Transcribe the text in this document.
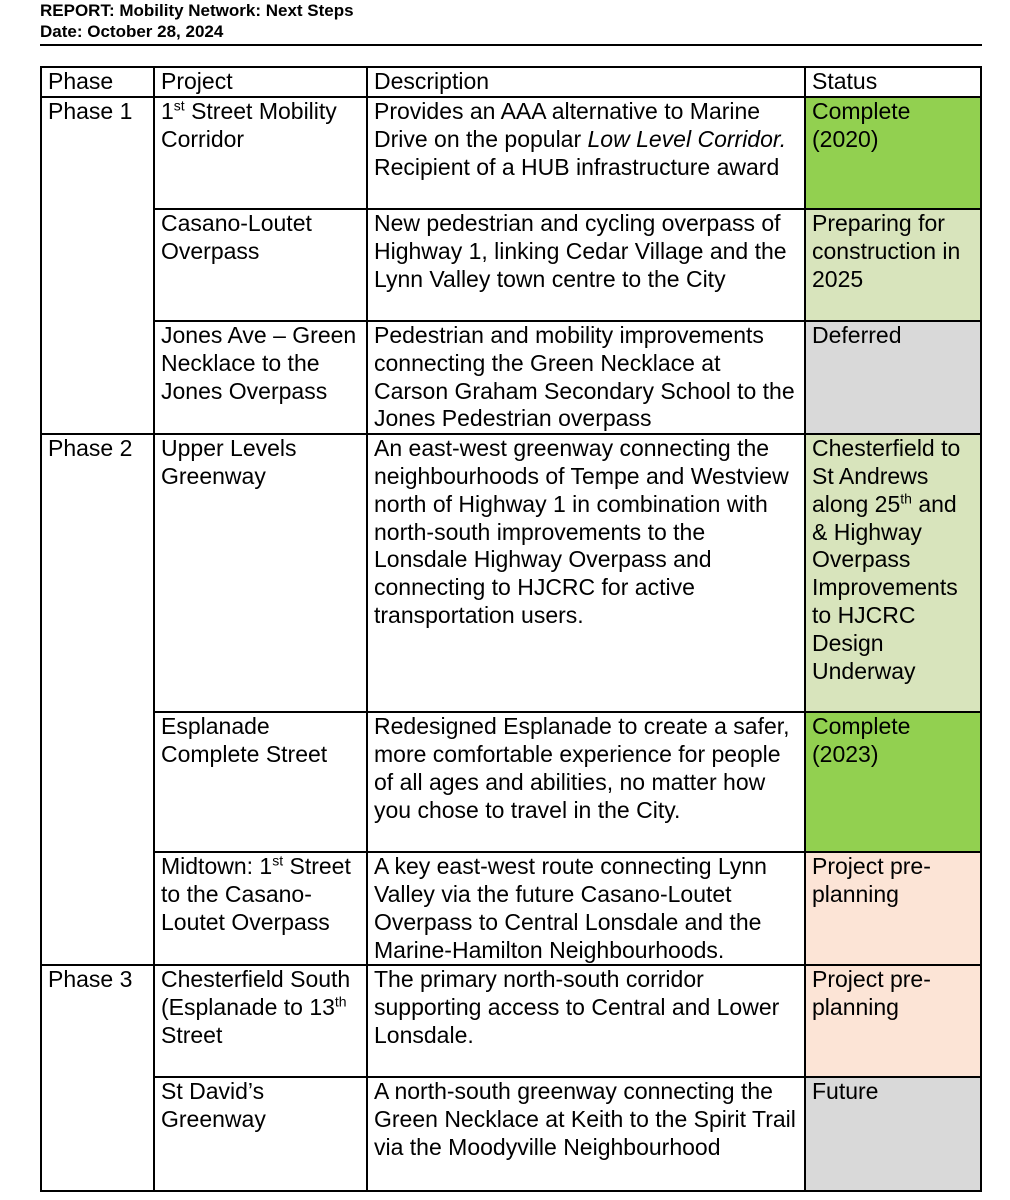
REPORT: Mobility Network: Next Steps
Date: October 28, 2024
Phase	Project	Description	Status
Phase 1	1st Street Mobility Corridor	Provides an AAA alternative to Marine Drive on the popular Low Level Corridor. Recipient of a HUB infrastructure award	Complete (2020)
	Casano-Loutet Overpass	New pedestrian and cycling overpass of Highway 1, linking Cedar Village and the Lynn Valley town centre to the City	Preparing for construction in 2025
	Jones Ave – Green Necklace to the Jones Overpass	Pedestrian and mobility improvements connecting the Green Necklace at Carson Graham Secondary School to the Jones Pedestrian overpass	Deferred
Phase 2	Upper Levels Greenway	An east-west greenway connecting the neighbourhoods of Tempe and Westview north of Highway 1 in combination with north-south improvements to the Lonsdale Highway Overpass and connecting to HJCRC for active transportation users.	Chesterfield to St Andrews along 25th and & Highway Overpass Improvements to HJCRC Design Underway
	Esplanade Complete Street	Redesigned Esplanade to create a safer, more comfortable experience for people of all ages and abilities, no matter how you chose to travel in the City.	Complete (2023)
	Midtown: 1st Street to the Casano-Loutet Overpass	A key east-west route connecting Lynn Valley via the future Casano-Loutet Overpass to Central Lonsdale and the Marine-Hamilton Neighbourhoods.	Project pre-planning
Phase 3	Chesterfield South (Esplanade to 13th Street	The primary north-south corridor supporting access to Central and Lower Lonsdale.	Project pre-planning
	St David’s Greenway	A north-south greenway connecting the Green Necklace at Keith to the Spirit Trail via the Moodyville Neighbourhood	Future
